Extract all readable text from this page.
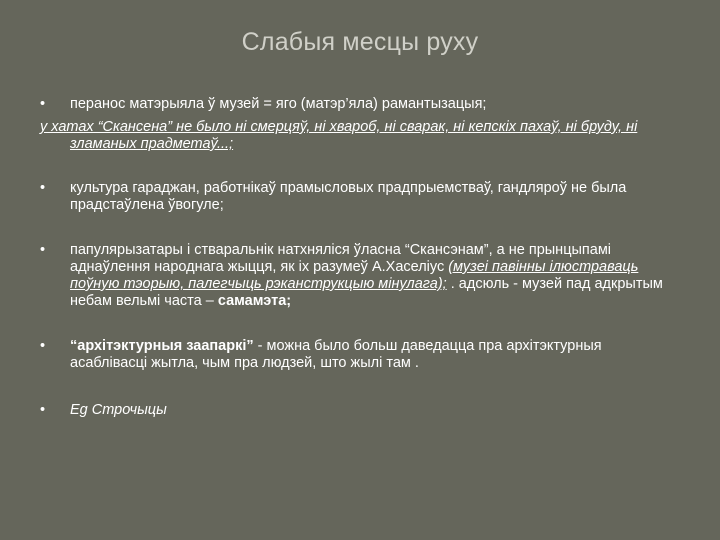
Слабыя месцы руху

• пераноc матэрыяла ў музей = яго (матэр’яла) рамантызацыя;

у хатах “Скансена” не было ні смерцяў, ні хвароб, ні сварак, ні кепскіх пахаў, ні бруду, ні зламаных прадметаў...;

• культура гараджан, работнікаў прамысловых прадпрыемстваў, гандляроў не была прадстаўлена ўвогуле;

• папулярызатары і стваральнік натхняліся ўласна “Скансэнам”, а не прынцыпамі аднаўлення народнага жыцця, як іх разумеў А.Хаселіус (музеі павінны ілюстраваць поўную тэорыю, палегчыць рэканструкцыю мінулага); . адсюль - музей пад адкрытым небам вельмі часта – самамэта;

• “архітэктурныя заапаркі” - можна было больш даведацца пра архітэктурныя асаблівасці жытла, чым пра людзей, што жылі там .

• Eg Строчыцы
